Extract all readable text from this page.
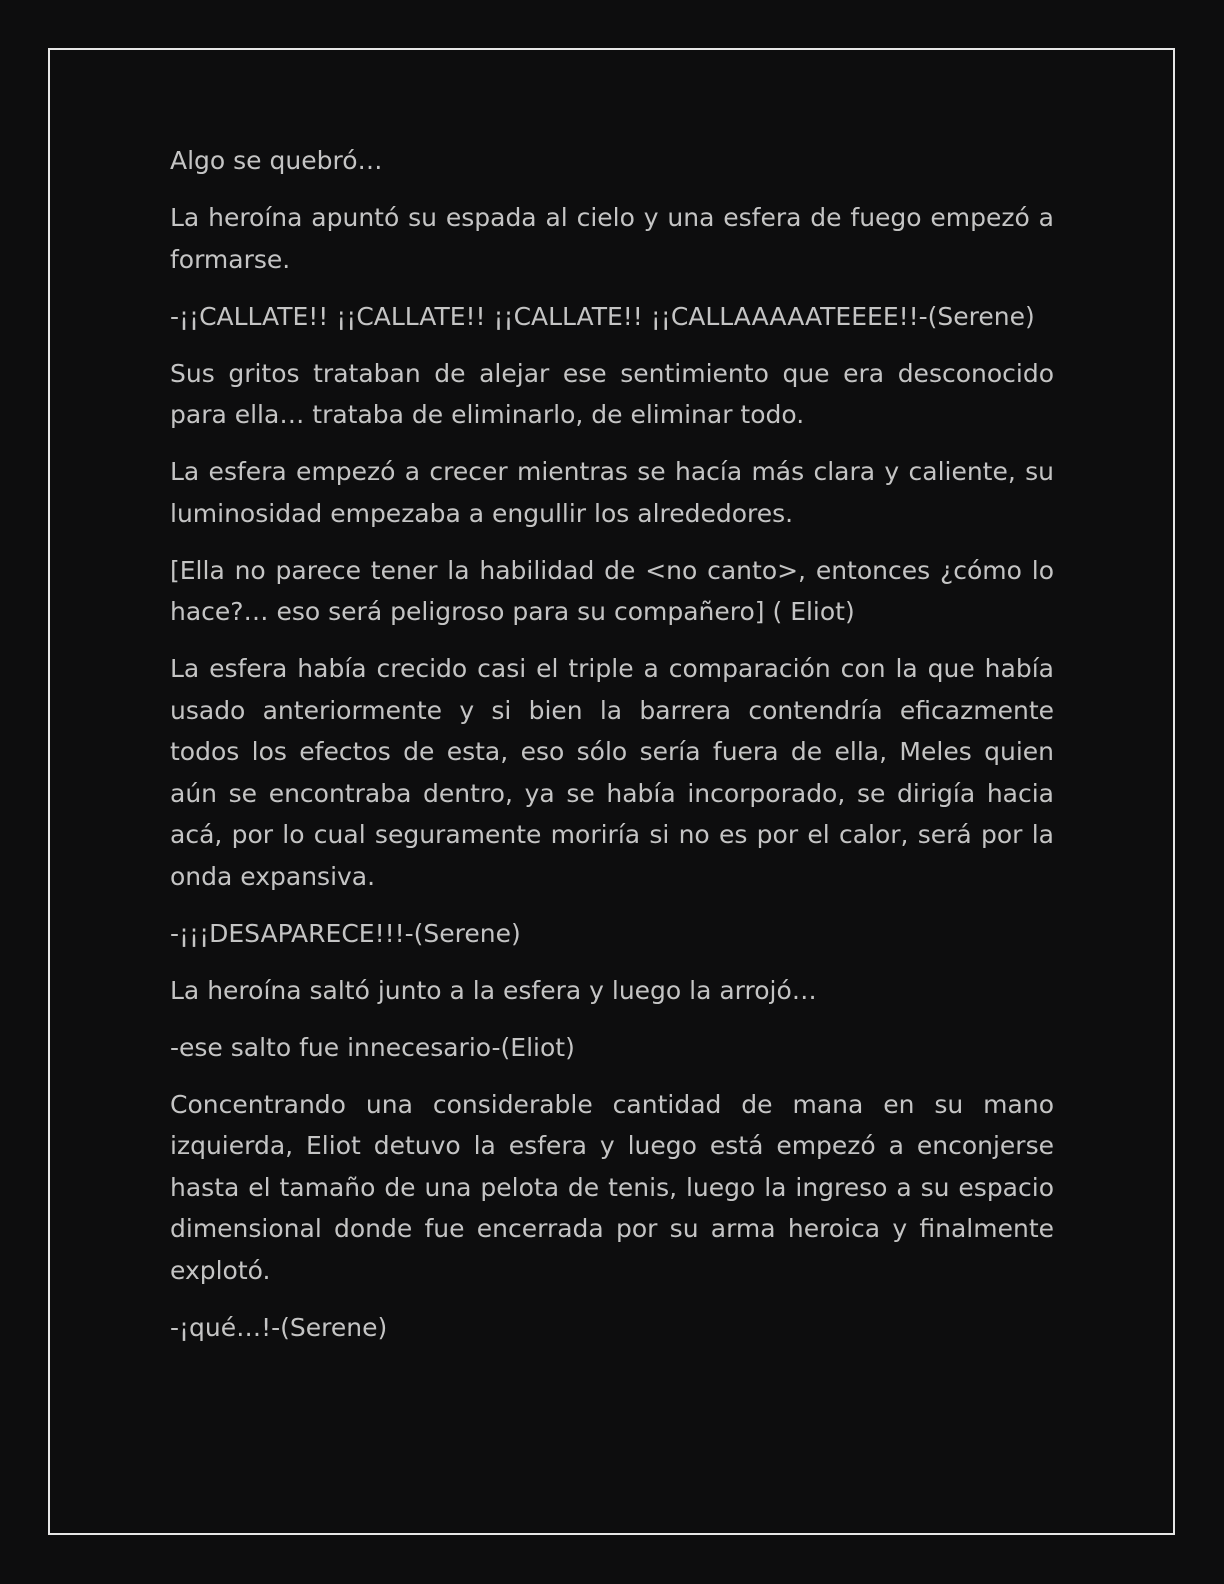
Algo se quebró…

La heroína apuntó su espada al cielo y una esfera de fuego empezó a formarse.

-¡¡CALLATE!! ¡¡CALLATE!! ¡¡CALLATE!! ¡¡CALLAAAAATEEEE!!-(Serene)

Sus gritos trataban de alejar ese sentimiento que era desconocido para ella… trataba de eliminarlo, de eliminar todo.

La esfera empezó a crecer mientras se hacía más clara y caliente, su luminosidad empezaba a engullir los alrededores.

[Ella no parece tener la habilidad de <no canto>, entonces ¿cómo lo hace?… eso será peligroso para su compañero] ( Eliot)

La esfera había crecido casi el triple a comparación con la que había usado anteriormente y si bien la barrera contendría eficazmente todos los efectos de esta, eso sólo sería fuera de ella, Meles quien aún se encontraba dentro, ya se había incorporado, se dirigía hacia acá, por lo cual seguramente moriría si no es por el calor, será por la onda expansiva.

-¡¡¡DESAPARECE!!!-(Serene)

La heroína saltó junto a la esfera y luego la arrojó…

-ese salto fue innecesario-(Eliot)

Concentrando una considerable cantidad de mana en su mano izquierda, Eliot detuvo la esfera y luego está empezó a enconjerse hasta el tamaño de una pelota de tenis, luego la ingreso a su espacio dimensional donde fue encerrada por su arma heroica y finalmente explotó.

-¡qué…!-(Serene)
